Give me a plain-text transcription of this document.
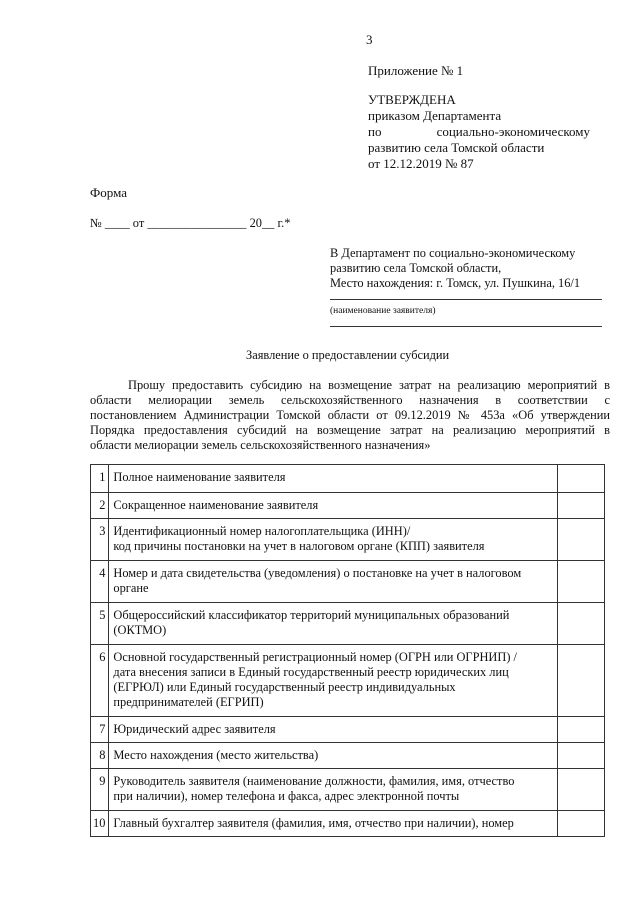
3
Приложение № 1
УТВЕРЖДЕНА
приказом Департамента
по	социально-экономическому
развитию села Томской области
от 12.12.2019 № 87
Форма
№ ____ от ________________ 20__ г.*
В Департамент по социально-экономическому
развитию села Томской области,
Место нахождения: г. Томск, ул. Пушкина, 16/1
(наименование заявителя)
Заявление о предоставлении субсидии
Прошу предоставить субсидию на возмещение затрат на реализацию мероприятий в
области мелиорации земель сельскохозяйственного назначения в соответствии с
постановлением Администрации Томской области от 09.12.2019 № 453а «Об утверждении
Порядка предоставления субсидий на возмещение затрат на реализацию мероприятий в
области мелиорации земель сельскохозяйственного назначения»
1	Полное наименование заявителя	

2	Сокращенное наименование заявителя	

3	Идентификационный номер налогоплательщика (ИНН)/
код причины постановки на учет в налоговом органе (КПП) заявителя	

4	Номер и дата свидетельства (уведомления) о постановке на учет в налоговом
органе	

5	Общероссийский классификатор территорий муниципальных образований
(ОКТМО)	

6	Основной государственный регистрационный номер (ОГРН или ОГРНИП) /
дата внесения записи в Единый государственный реестр юридических лиц
(ЕГРЮЛ) или Единый государственный реестр индивидуальных
предпринимателей (ЕГРИП)	

7	Юридический адрес заявителя	

8	Место нахождения (место жительства)	

9	Руководитель заявителя (наименование должности, фамилия, имя, отчество
при наличии), номер телефона и факса, адрес электронной почты	

10	Главный бухгалтер заявителя (фамилия, имя, отчество при наличии), номер	
